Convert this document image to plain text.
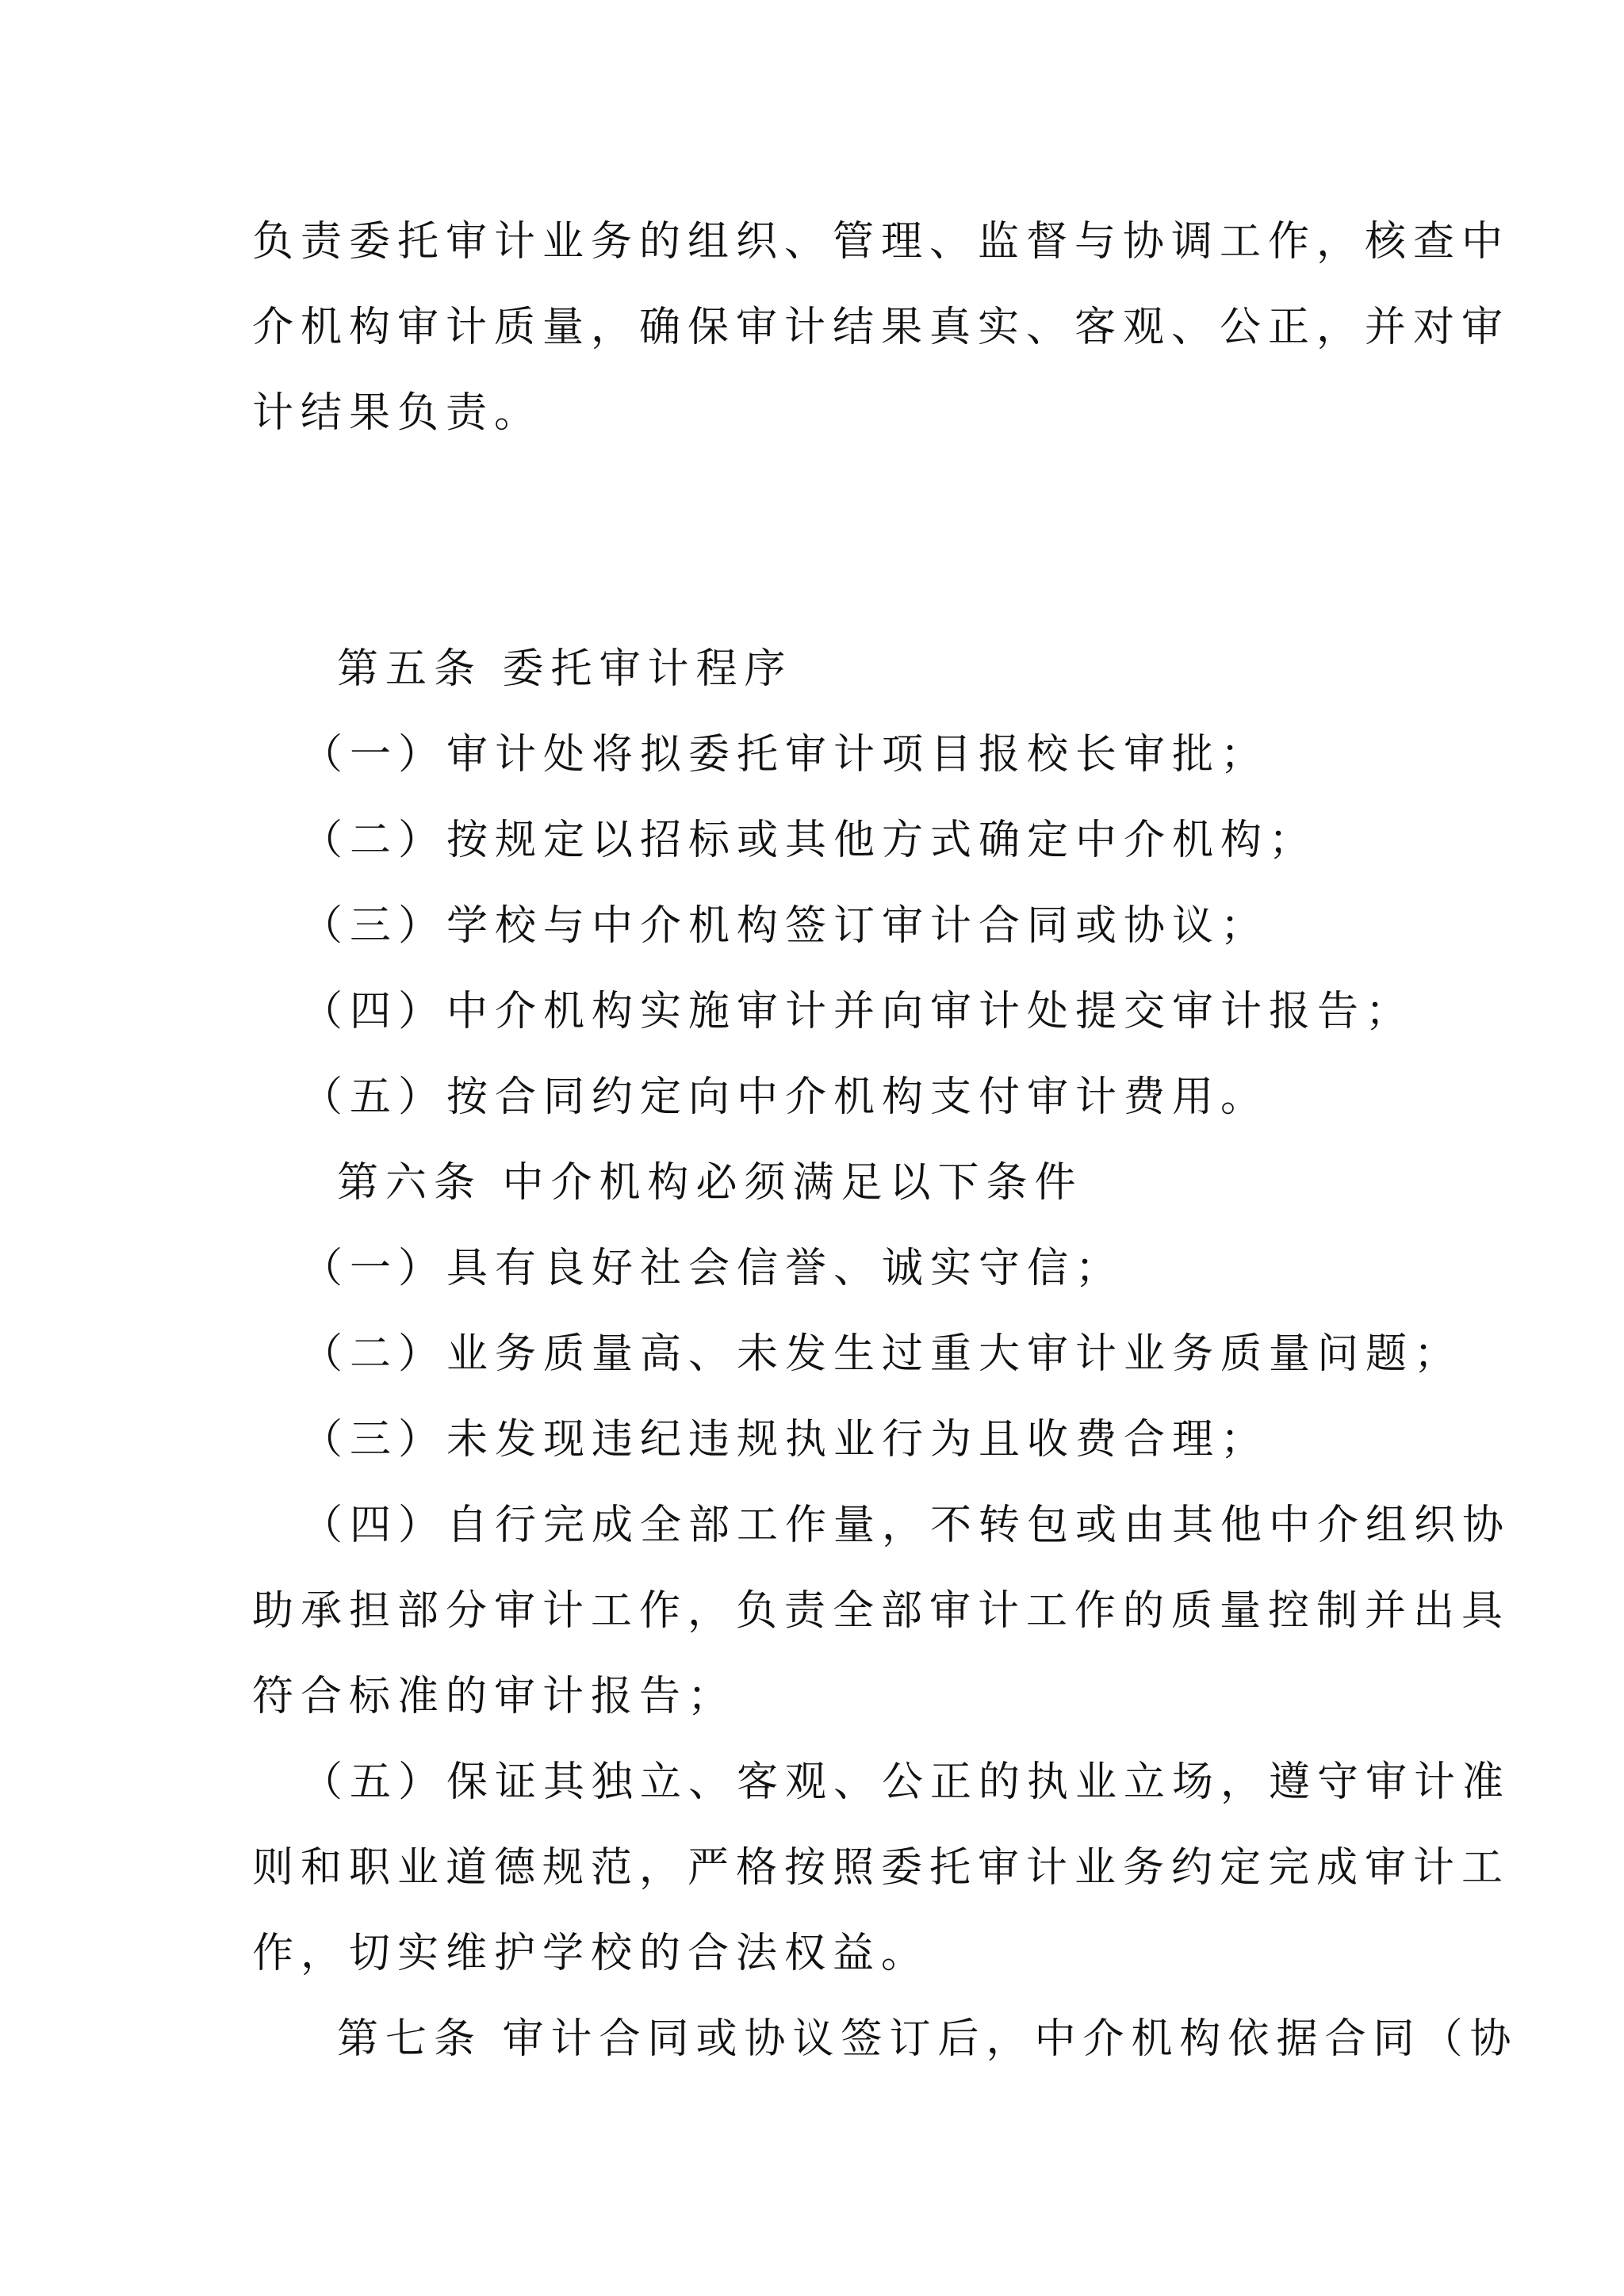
负责委托审计业务的组织、管理、监督与协调工作，核查中
介机构审计质量，确保审计结果真实、客观、公正，并对审
计结果负责。
第五条 委托审计程序
（一）审计处将拟委托审计项目报校长审批；
（二）按规定以招标或其他方式确定中介机构；
（三）学校与中介机构签订审计合同或协议；
（四）中介机构实施审计并向审计处提交审计报告；
（五）按合同约定向中介机构支付审计费用。
第六条 中介机构必须满足以下条件
（一）具有良好社会信誉、诚实守信；
（二）业务质量高、未发生过重大审计业务质量问题；
（三）未发现违纪违规执业行为且收费合理；
（四）自行完成全部工作量，不转包或由其他中介组织协
助承担部分审计工作，负责全部审计工作的质量控制并出具
符合标准的审计报告；
（五）保证其独立、客观、公正的执业立场，遵守审计准
则和职业道德规范，严格按照委托审计业务约定完成审计工
作，切实维护学校的合法权益。
第七条 审计合同或协议签订后，中介机构依据合同（协
